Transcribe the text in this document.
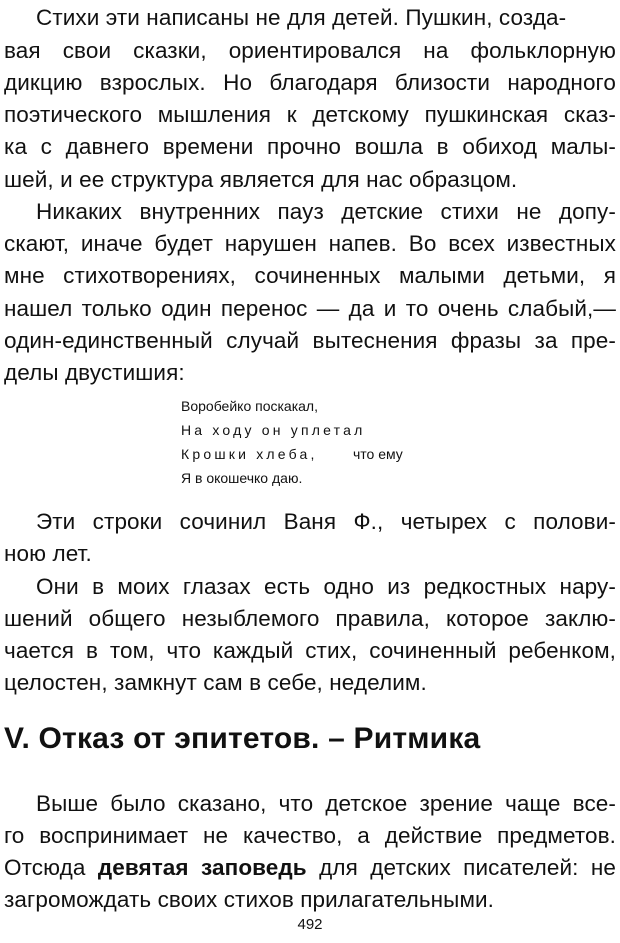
Стихи эти написаны не для детей. Пушкин, созда-
вая свои сказки, ориентировался на фольклорную
дикцию взрослых. Но благодаря близости народного
поэтического мышления к детскому пушкинская сказ-
ка с давнего времени прочно вошла в обиход малы-
шей, и ее структура является для нас образцом.
Никаких внутренних пауз детские стихи не допу-
скают, иначе будет нарушен напев. Во всех известных
мне стихотворениях, сочиненных малыми детьми, я
нашел только один перенос — да и то очень слабый,—
один-единственный случай вытеснения фразы за пре-
делы двустишия:
Воробейко поскакал,
На ходу он уплетал
Крошки хлеба,	что ему
Я в окошечко даю.
Эти строки сочинил Ваня Ф., четырех с полови-
ною лет.
Они в моих глазах есть одно из редкостных нару-
шений общего незыблемого правила, которое заклю-
чается в том, что каждый стих, сочиненный ребенком,
целостен, замкнут сам в себе, неделим.
V. Отказ от эпитетов. – Ритмика
Выше было сказано, что детское зрение чаще все-
го воспринимает не качество, а действие предметов.
Отсюда девятая заповедь для детских писателей: не
загромождать своих стихов прилагательными.
492
